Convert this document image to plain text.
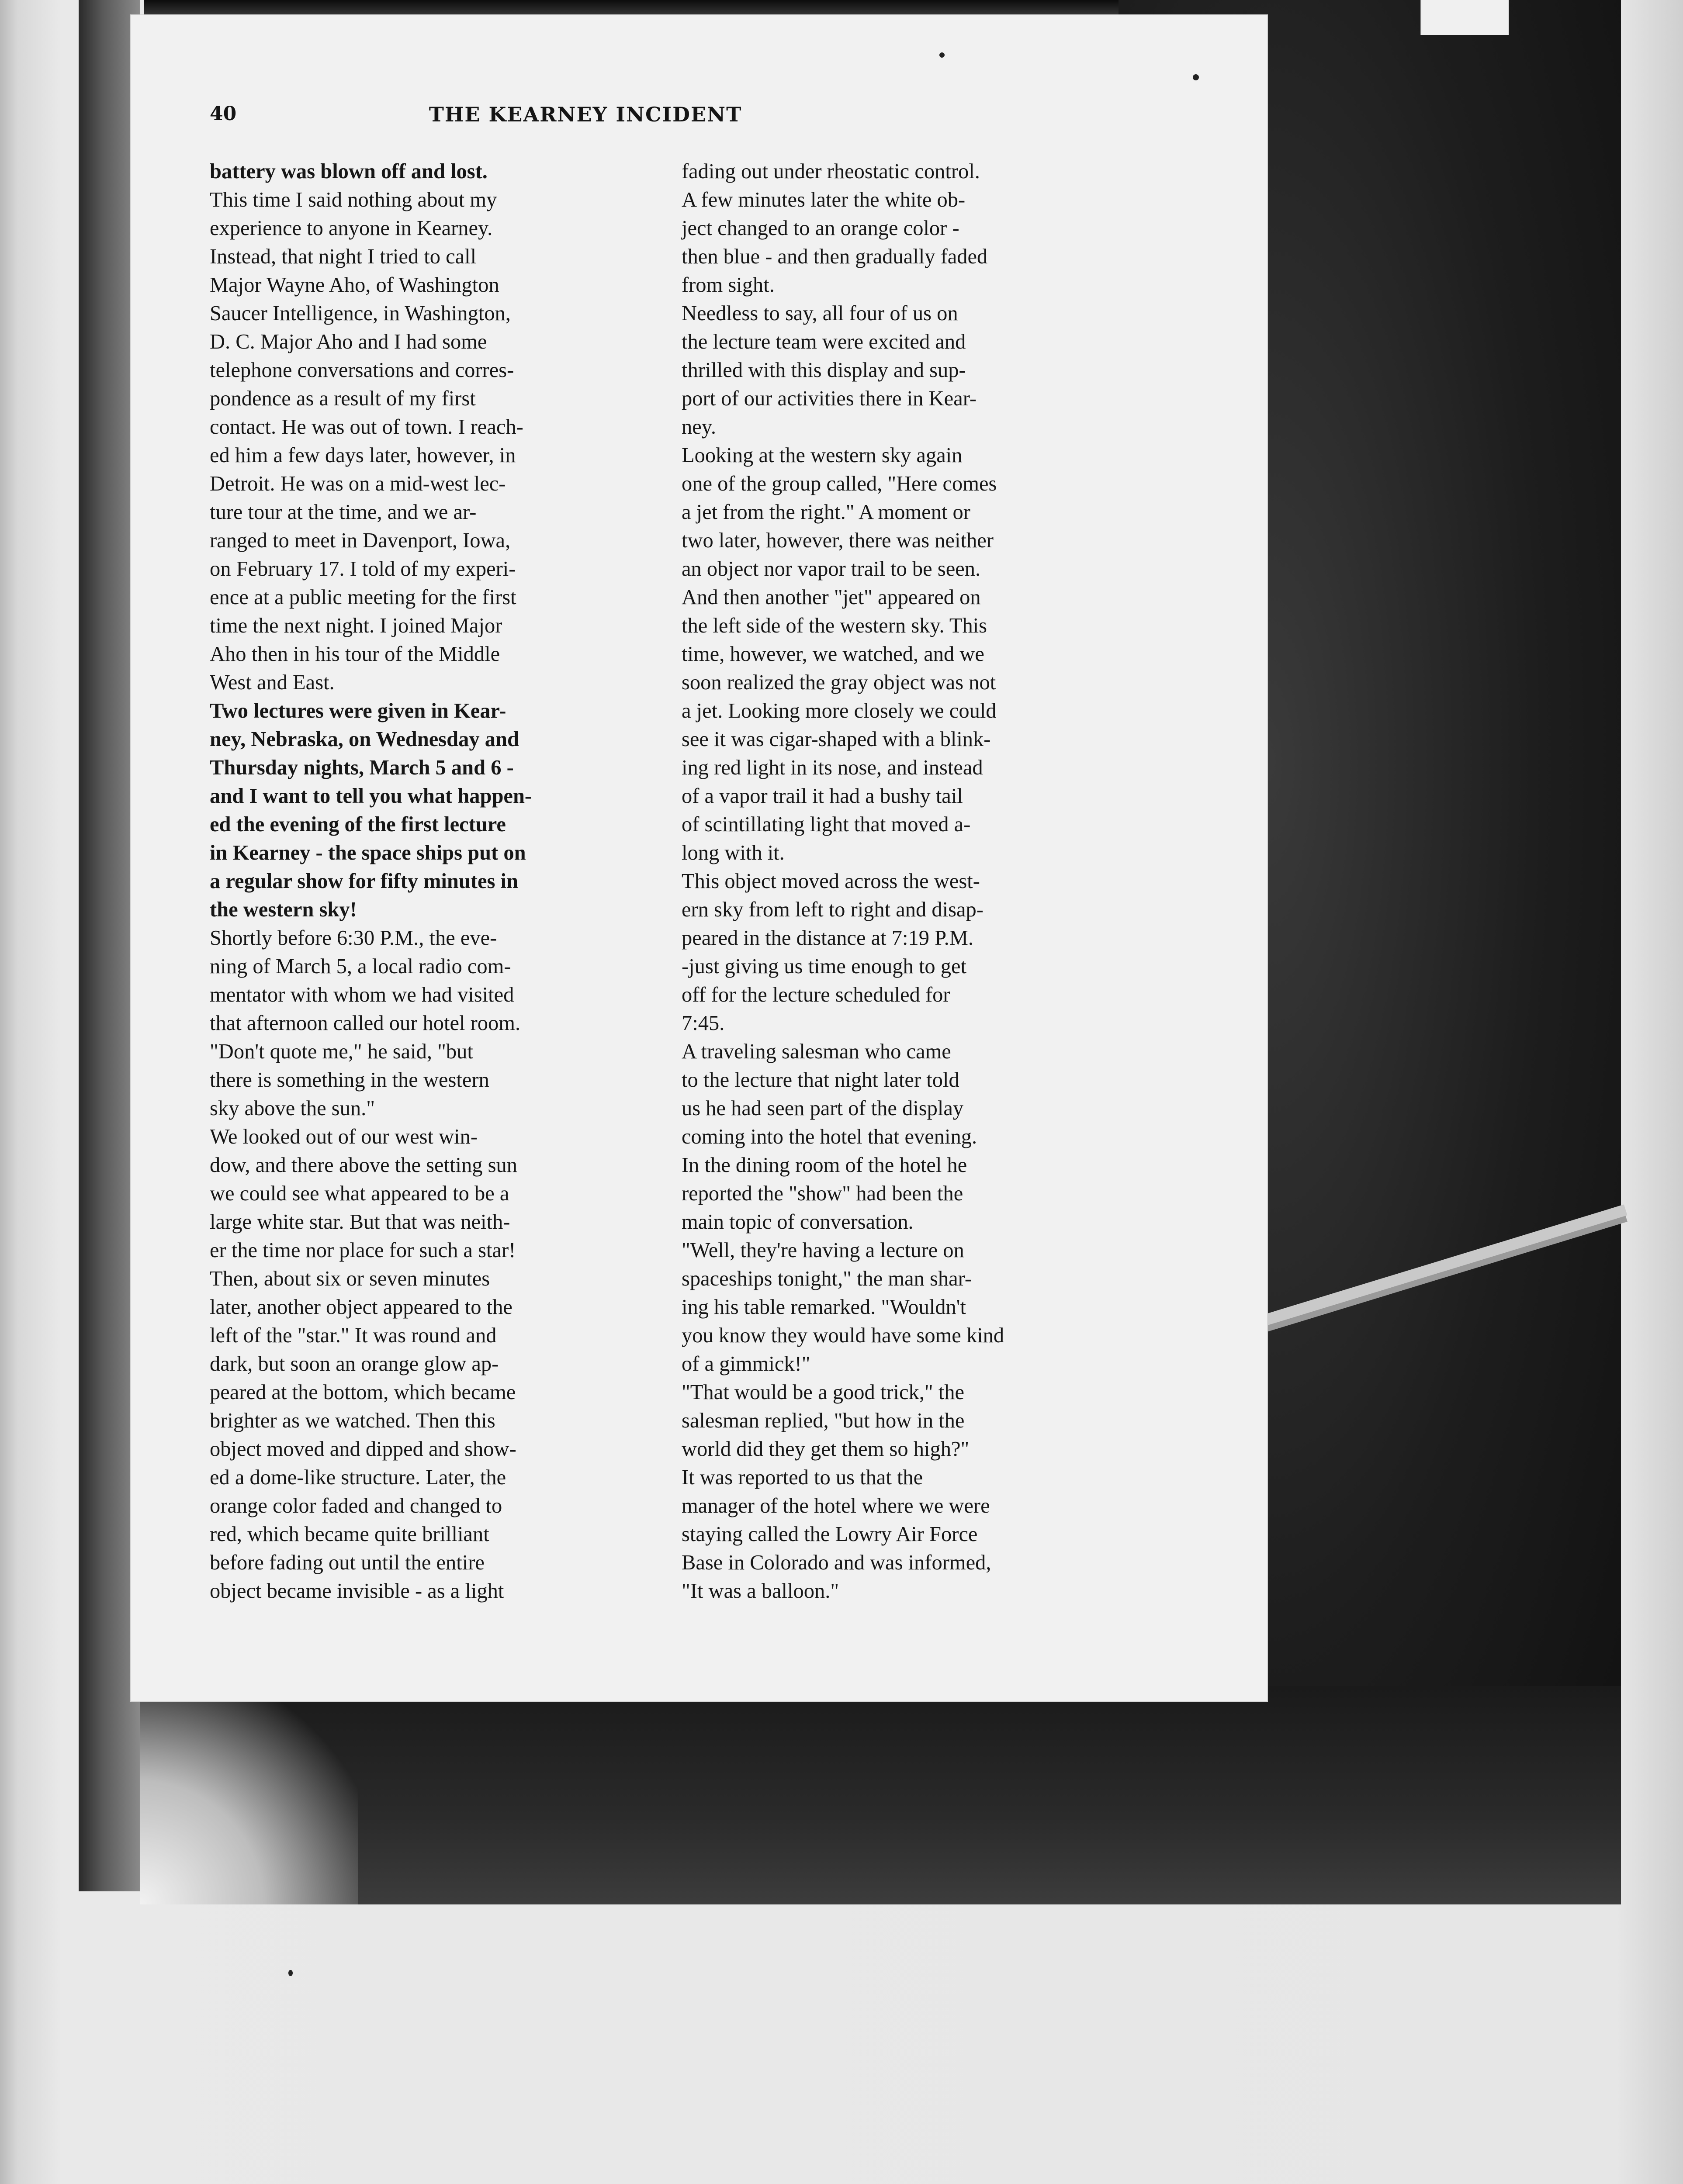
40	THE KEARNEY INCIDENT

battery was blown off and lost.

This time I said nothing about my
experience to anyone in Kearney.
Instead, that night I tried to call
Major Wayne Aho, of Washington
Saucer Intelligence, in Washington,
D. C. Major Aho and I had some
telephone conversations and corres-
pondence as a result of my first
contact. He was out of town. I reach-
ed him a few days later, however, in
Detroit. He was on a mid-west lec-
ture tour at the time, and we ar-
ranged to meet in Davenport, Iowa,
on February 17. I told of my experi-
ence at a public meeting for the first
time the next night. I joined Major
Aho then in his tour of the Middle
West and East.

Two lectures were given in Kear-
ney, Nebraska, on Wednesday and
Thursday nights, March 5 and 6 -
and I want to tell you what happen-
ed the evening of the first lecture
in Kearney - the space ships put on
a regular show for fifty minutes in
the western sky!

Shortly before 6:30 P.M., the eve-
ning of March 5, a local radio com-
mentator with whom we had visited
that afternoon called our hotel room.

"Don't quote me," he said, "but
there is something in the western
sky above the sun."

We looked out of our west win-
dow, and there above the setting sun
we could see what appeared to be a
large white star. But that was neith-
er the time nor place for such a star!
Then, about six or seven minutes
later, another object appeared to the
left of the "star." It was round and
dark, but soon an orange glow ap-
peared at the bottom, which became
brighter as we watched. Then this
object moved and dipped and show-
ed a dome-like structure. Later, the
orange color faded and changed to
red, which became quite brilliant
before fading out until the entire
object became invisible - as a light

fading out under rheostatic control.

A few minutes later the white ob-
ject changed to an orange color -
then blue - and then gradually faded
from sight.

Needless to say, all four of us on
the lecture team were excited and
thrilled with this display and sup-
port of our activities there in Kear-
ney.

Looking at the western sky again
one of the group called, "Here comes
a jet from the right." A moment or
two later, however, there was neither
an object nor vapor trail to be seen.
And then another "jet" appeared on
the left side of the western sky. This
time, however, we watched, and we
soon realized the gray object was not
a jet. Looking more closely we could
see it was cigar-shaped with a blink-
ing red light in its nose, and instead
of a vapor trail it had a bushy tail
of scintillating light that moved a-
long with it.

This object moved across the west-
ern sky from left to right and disap-
peared in the distance at 7:19 P.M.
-just giving us time enough to get
off for the lecture scheduled for
7:45.

A traveling salesman who came
to the lecture that night later told
us he had seen part of the display
coming into the hotel that evening.
In the dining room of the hotel he
reported the "show" had been the
main topic of conversation.

"Well, they're having a lecture on
spaceships tonight," the man shar-
ing his table remarked. "Wouldn't
you know they would have some kind
of a gimmick!"

"That would be a good trick," the
salesman replied, "but how in the
world did they get them so high?"

It was reported to us that the
manager of the hotel where we were
staying called the Lowry Air Force
Base in Colorado and was informed,
"It was a balloon."
